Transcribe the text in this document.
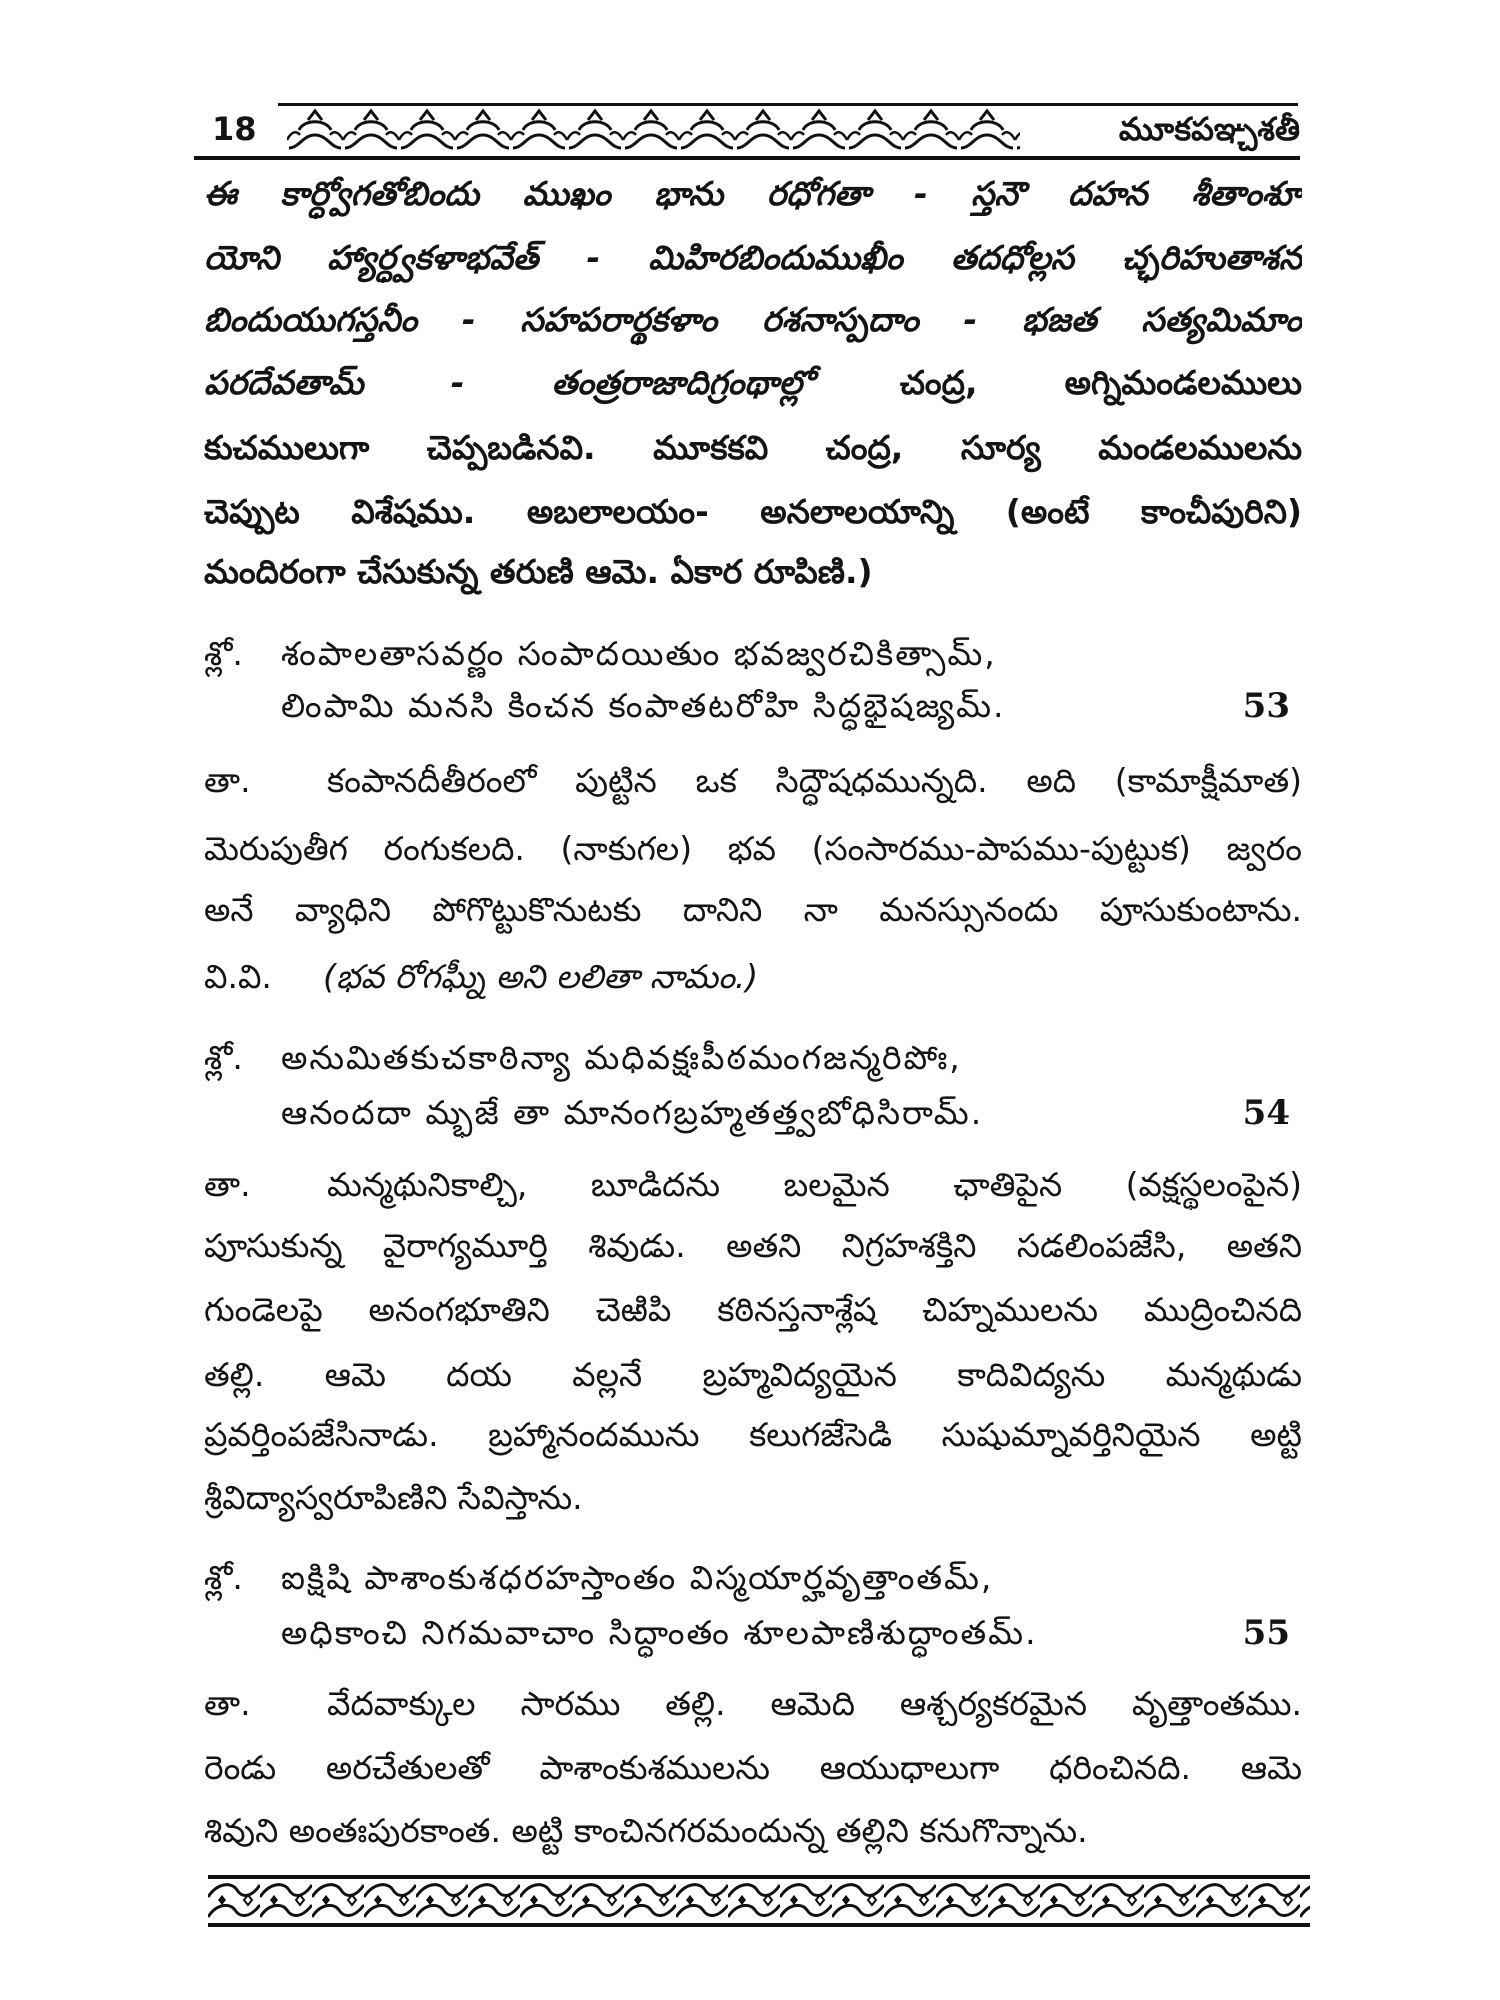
18	మూకపఞ్చశతీ
ఈ కార్ధ్వోగతోబిందు ముఖం భాను రధోగతా - స్తనౌ దహన శీతాంశూ
యోని హ్యార్ధ్వకళాభవేత్ - మిహిరబిందుముఖీం తదధోల్లస చ్ఛరిహుతాశన
బిందుయుగస్తనీం - సహపరార్థకళాం రశనాస్పదాం - భజత సత్యమిమాం
పరదేవతామ్ - తంత్రరాజాదిగ్రంథాల్లో	చంద్ర, అగ్నిమండలములు
కుచములుగా చెప్పబడినవి. మూకకవి చంద్ర, సూర్య మండలములను
చెప్పుట విశేషము. అబలాలయం- అనలాలయాన్ని (అంటే కాంచీపురిని)
మందిరంగా చేసుకున్న తరుణి ఆమె. ఏకార రూపిణి.)
శ్లో. శంపాలతాసవర్ణం సంపాదయితుం భవజ్వరచికిత్సామ్,
లింపామి మనసి కించన కంపాతటరోహి సిద్ధభైషజ్యమ్.	53
తా. కంపానదీతీరంలో పుట్టిన ఒక సిద్ధౌషధమున్నది. అది (కామాక్షీమాత)
మెరుపుతీగ రంగుకలది. (నాకుగల) భవ (సంసారము-పాపము-పుట్టుక) జ్వరం
అనే వ్యాధిని పోగొట్టుకొనుటకు దానిని నా మనస్సునందు పూసుకుంటాను.
వి.వి. (భవ రోగఘ్నీ అని లలితా నామం.)
శ్లో. అనుమితకుచకాఠిన్యా మధివక్షఃపీఠమంగజన్మరిపోః,
ఆనందదా మ్భజే తా మానంగబ్రహ్మతత్త్వబోధిసిరామ్.	54
తా. మన్మథునికాల్చి, బూడిదను బలమైన ఛాతిపైన (వక్షస్థలంపైన)
పూసుకున్న వైరాగ్యమూర్తి శివుడు. అతని నిగ్రహశక్తిని సడలింపజేసి, అతని
గుండెలపై అనంగభూతిని చెఱిపి కఠినస్తనాశ్లేష చిహ్నములను ముద్రించినది
తల్లి. ఆమె దయ వల్లనే బ్రహ్మవిద్యయైన కాదివిద్యను మన్మథుడు
ప్రవర్తింపజేసినాడు. బ్రహ్మానందమును కలుగజేసెడి సుషుమ్నావర్తినియైన అట్టి
శ్రీవిద్యాస్వరూపిణిని సేవిస్తాను.
శ్లో. ఐక్షిషి పాశాంకుశధరహస్తాంతం విస్మయార్హవృత్తాంతమ్,
అధికాంచి నిగమవాచాం సిద్ధాంతం శూలపాణిశుద్ధాంతమ్.	55
తా. వేదవాక్కుల సారము తల్లి. ఆమెది ఆశ్చర్యకరమైన వృత్తాంతము.
రెండు అరచేతులతో పాశాంకుశములను ఆయుధాలుగా ధరించినది. ఆమె
శివుని అంతఃపురకాంత. అట్టి కాంచినగరమందున్న తల్లిని కనుగొన్నాను.
